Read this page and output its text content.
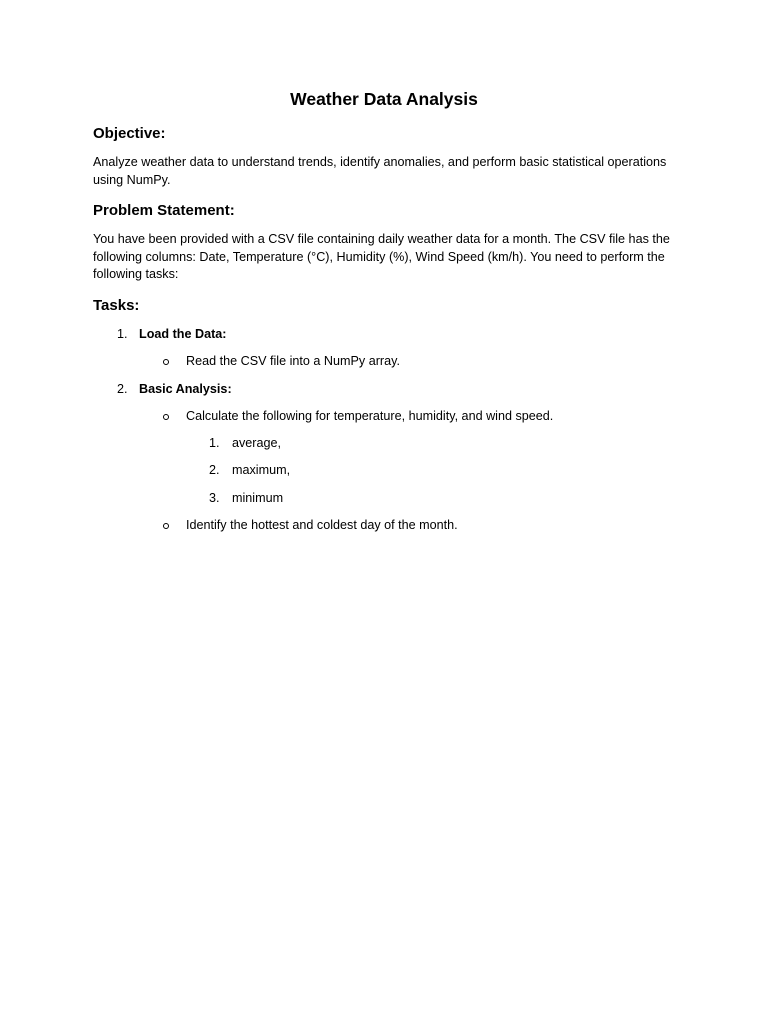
Weather Data Analysis
Objective:

Analyze weather data to understand trends, identify anomalies, and perform basic statistical operations using NumPy.

Problem Statement:

You have been provided with a CSV file containing daily weather data for a month. The CSV file has the following columns: Date, Temperature (°C), Humidity (%), Wind Speed (km/h). You need to perform the following tasks:

Tasks:
1. Load the Data:
Read the CSV file into a NumPy array.
2. Basic Analysis:
Calculate the following for temperature, humidity, and wind speed.
1. average,
2. maximum,
3. minimum
Identify the hottest and coldest day of the month.
